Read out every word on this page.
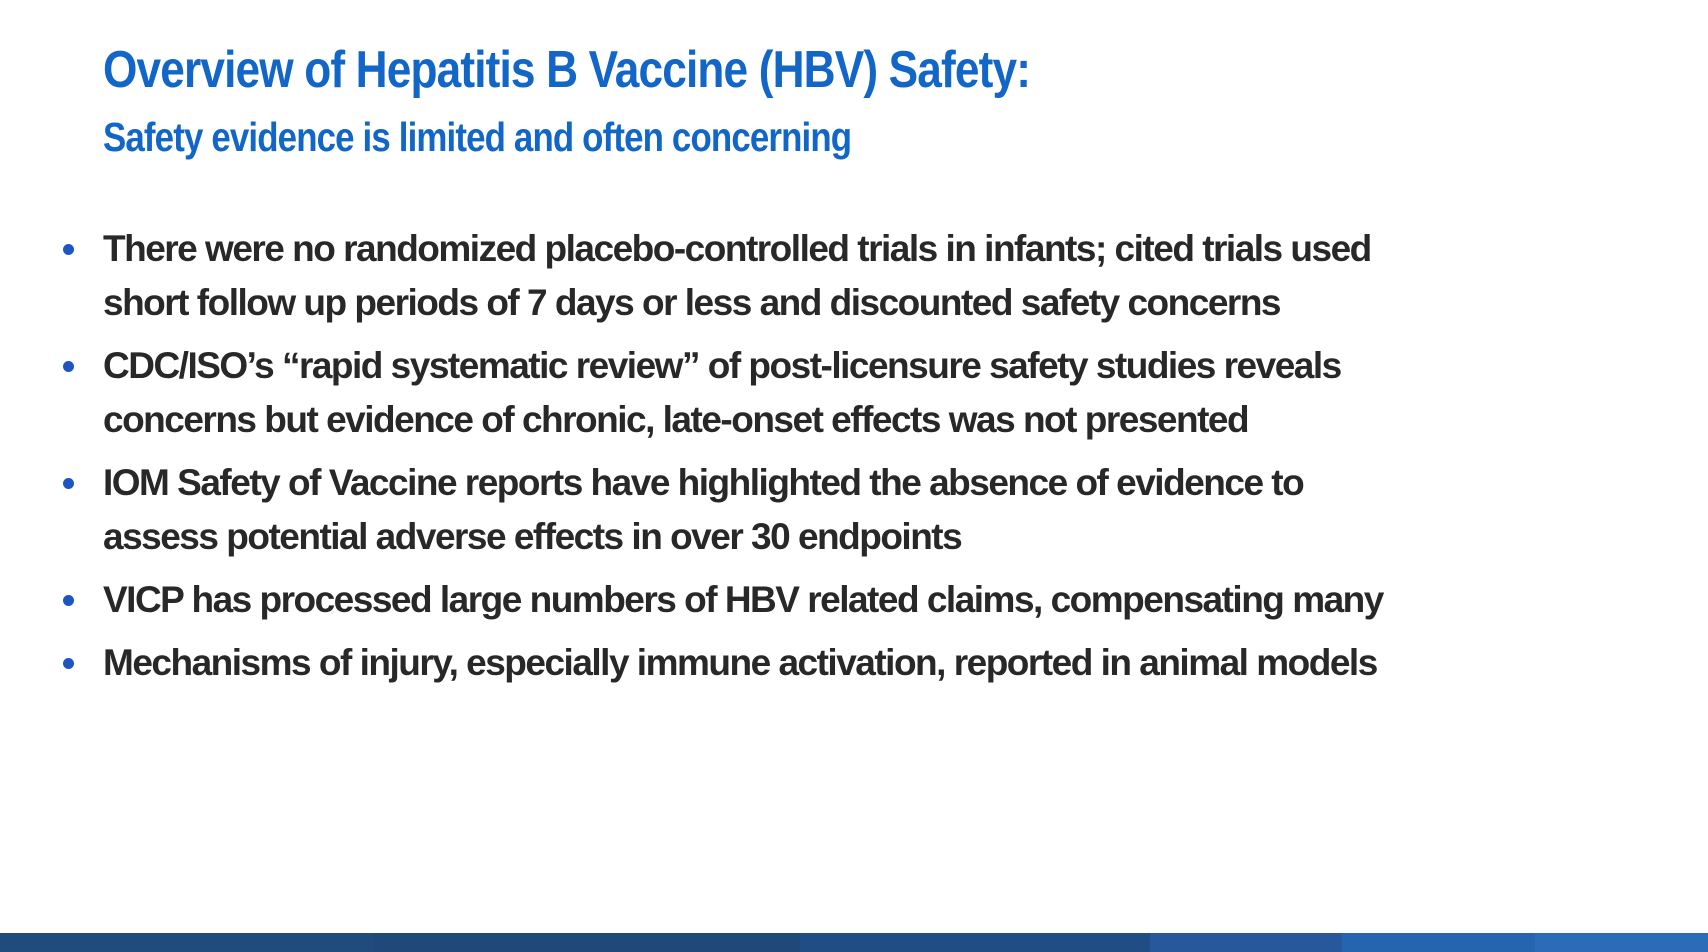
Overview of Hepatitis B Vaccine (HBV) Safety:
Safety evidence is limited and often concerning
There were no randomized placebo-controlled trials in infants; cited trials used
short follow up periods of 7 days or less and discounted safety concerns
CDC/ISO’s “rapid systematic review” of post-licensure safety studies reveals
concerns but evidence of chronic, late-onset effects was not presented
IOM Safety of Vaccine reports have highlighted the absence of evidence to
assess potential adverse effects in over 30 endpoints
VICP has processed large numbers of HBV related claims, compensating many
Mechanisms of injury, especially immune activation, reported in animal models
